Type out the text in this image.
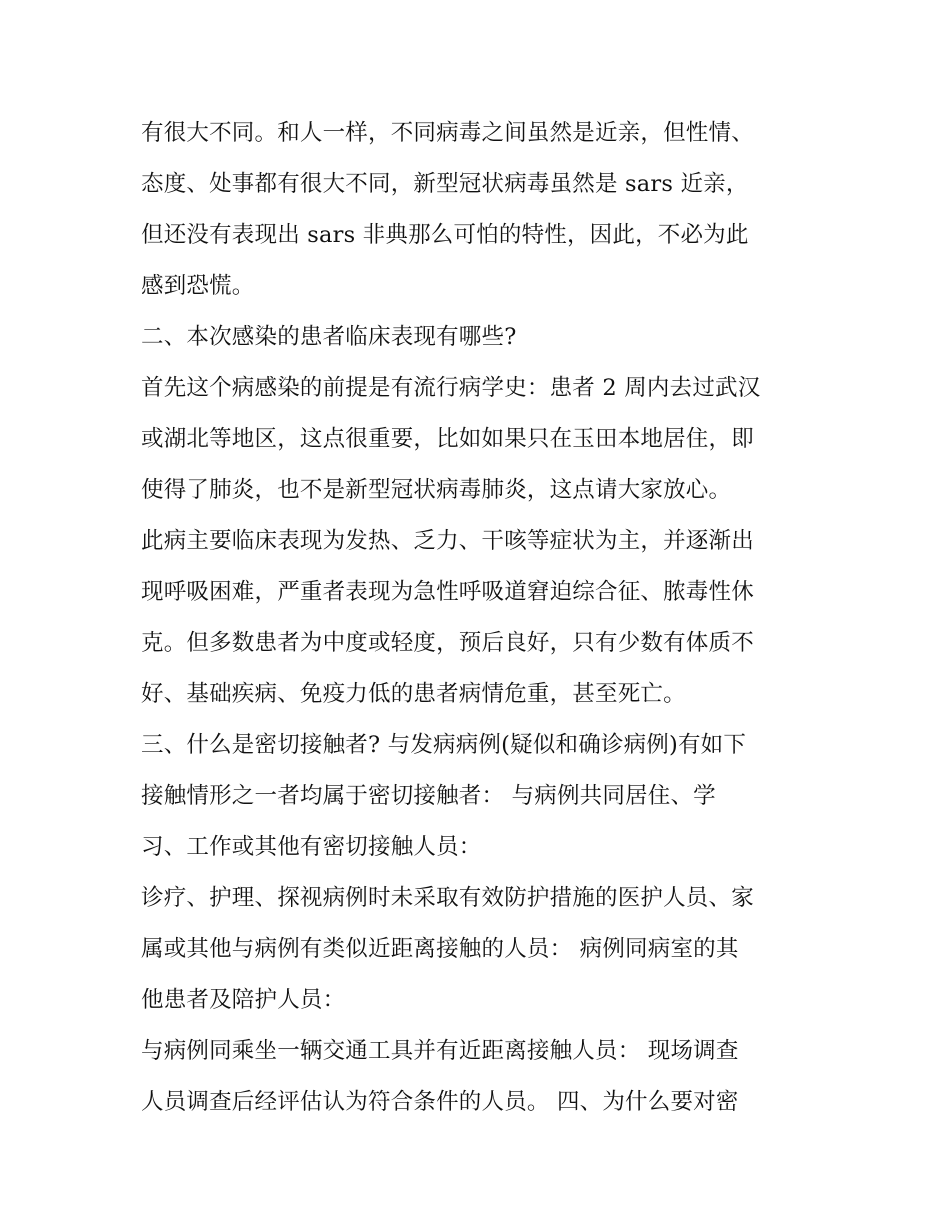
有很大不同。和人一样，不同病毒之间虽然是近亲，但性情、
态度、处事都有很大不同，新型冠状病毒虽然是 sars 近亲，
但还没有表现出 sars 非典那么可怕的特性，因此，不必为此
感到恐慌。
二、本次感染的患者临床表现有哪些?
首先这个病感染的前提是有流行病学史：患者 2 周内去过武汉
或湖北等地区，这点很重要，比如如果只在玉田本地居住，即
使得了肺炎，也不是新型冠状病毒肺炎，这点请大家放心。
此病主要临床表现为发热、乏力、干咳等症状为主，并逐渐出
现呼吸困难，严重者表现为急性呼吸道窘迫综合征、脓毒性休
克。但多数患者为中度或轻度，预后良好，只有少数有体质不
好、基础疾病、免疫力低的患者病情危重，甚至死亡。
三、什么是密切接触者? 与发病病例(疑似和确诊病例)有如下
接触情形之一者均属于密切接触者： 与病例共同居住、学
习、工作或其他有密切接触人员：
诊疗、护理、探视病例时未采取有效防护措施的医护人员、家
属或其他与病例有类似近距离接触的人员： 病例同病室的其
他患者及陪护人员：
与病例同乘坐一辆交通工具并有近距离接触人员： 现场调查
人员调查后经评估认为符合条件的人员。 四、为什么要对密
